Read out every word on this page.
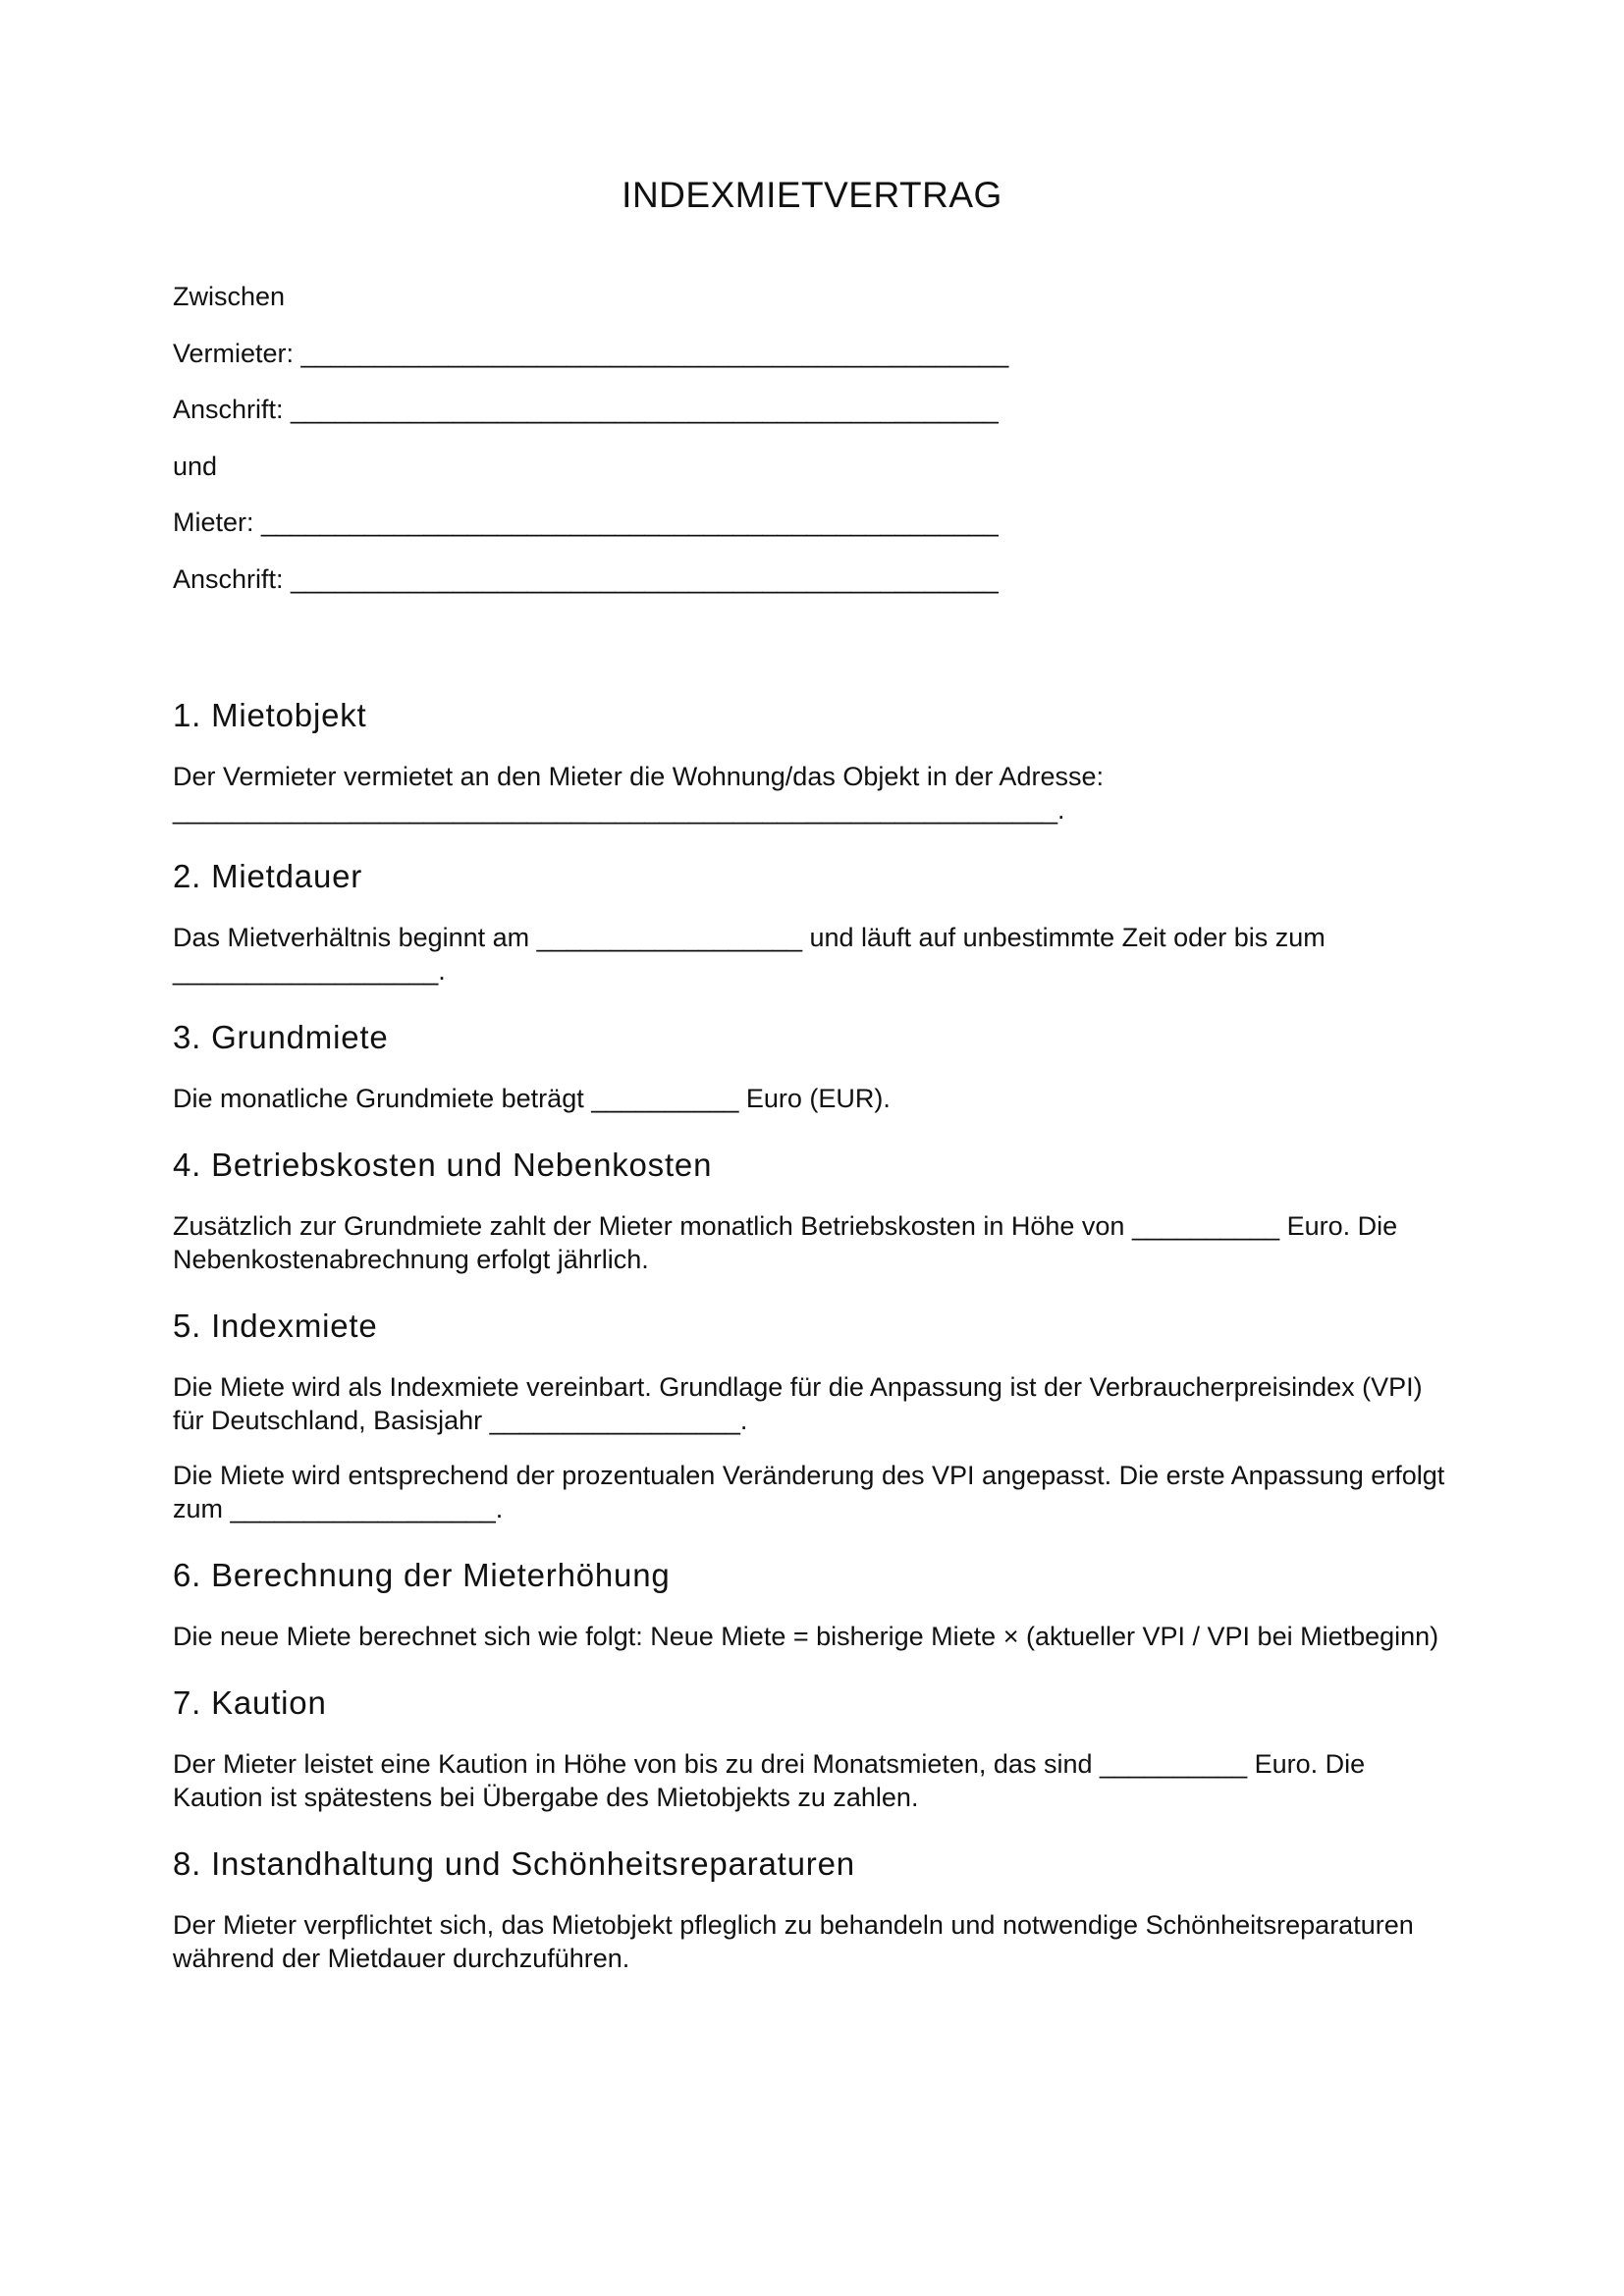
INDEXMIETVERTRAG
Zwischen
Vermieter: ________________________________________________
Anschrift: ________________________________________________
und
Mieter: __________________________________________________
Anschrift: ________________________________________________
1. Mietobjekt

Der Vermieter vermietet an den Mieter die Wohnung/das Objekt in der Adresse: ____________________________________________________________.

2. Mietdauer

Das Mietverhältnis beginnt am __________________ und läuft auf unbestimmte Zeit oder bis zum __________________.

3. Grundmiete

Die monatliche Grundmiete beträgt __________ Euro (EUR).

4. Betriebskosten und Nebenkosten

Zusätzlich zur Grundmiete zahlt der Mieter monatlich Betriebskosten in Höhe von __________ Euro. Die Nebenkostenabrechnung erfolgt jährlich.

5. Indexmiete

Die Miete wird als Indexmiete vereinbart. Grundlage für die Anpassung ist der Verbraucherpreisindex (VPI) für Deutschland, Basisjahr _________________.

Die Miete wird entsprechend der prozentualen Veränderung des VPI angepasst. Die erste Anpassung erfolgt zum __________________.

6. Berechnung der Mieterhöhung

Die neue Miete berechnet sich wie folgt: Neue Miete = bisherige Miete × (aktueller VPI / VPI bei Mietbeginn)

7. Kaution

Der Mieter leistet eine Kaution in Höhe von bis zu drei Monatsmieten, das sind __________ Euro. Die Kaution ist spätestens bei Übergabe des Mietobjekts zu zahlen.

8. Instandhaltung und Schönheitsreparaturen

Der Mieter verpflichtet sich, das Mietobjekt pfleglich zu behandeln und notwendige Schönheitsreparaturen während der Mietdauer durchzuführen.
